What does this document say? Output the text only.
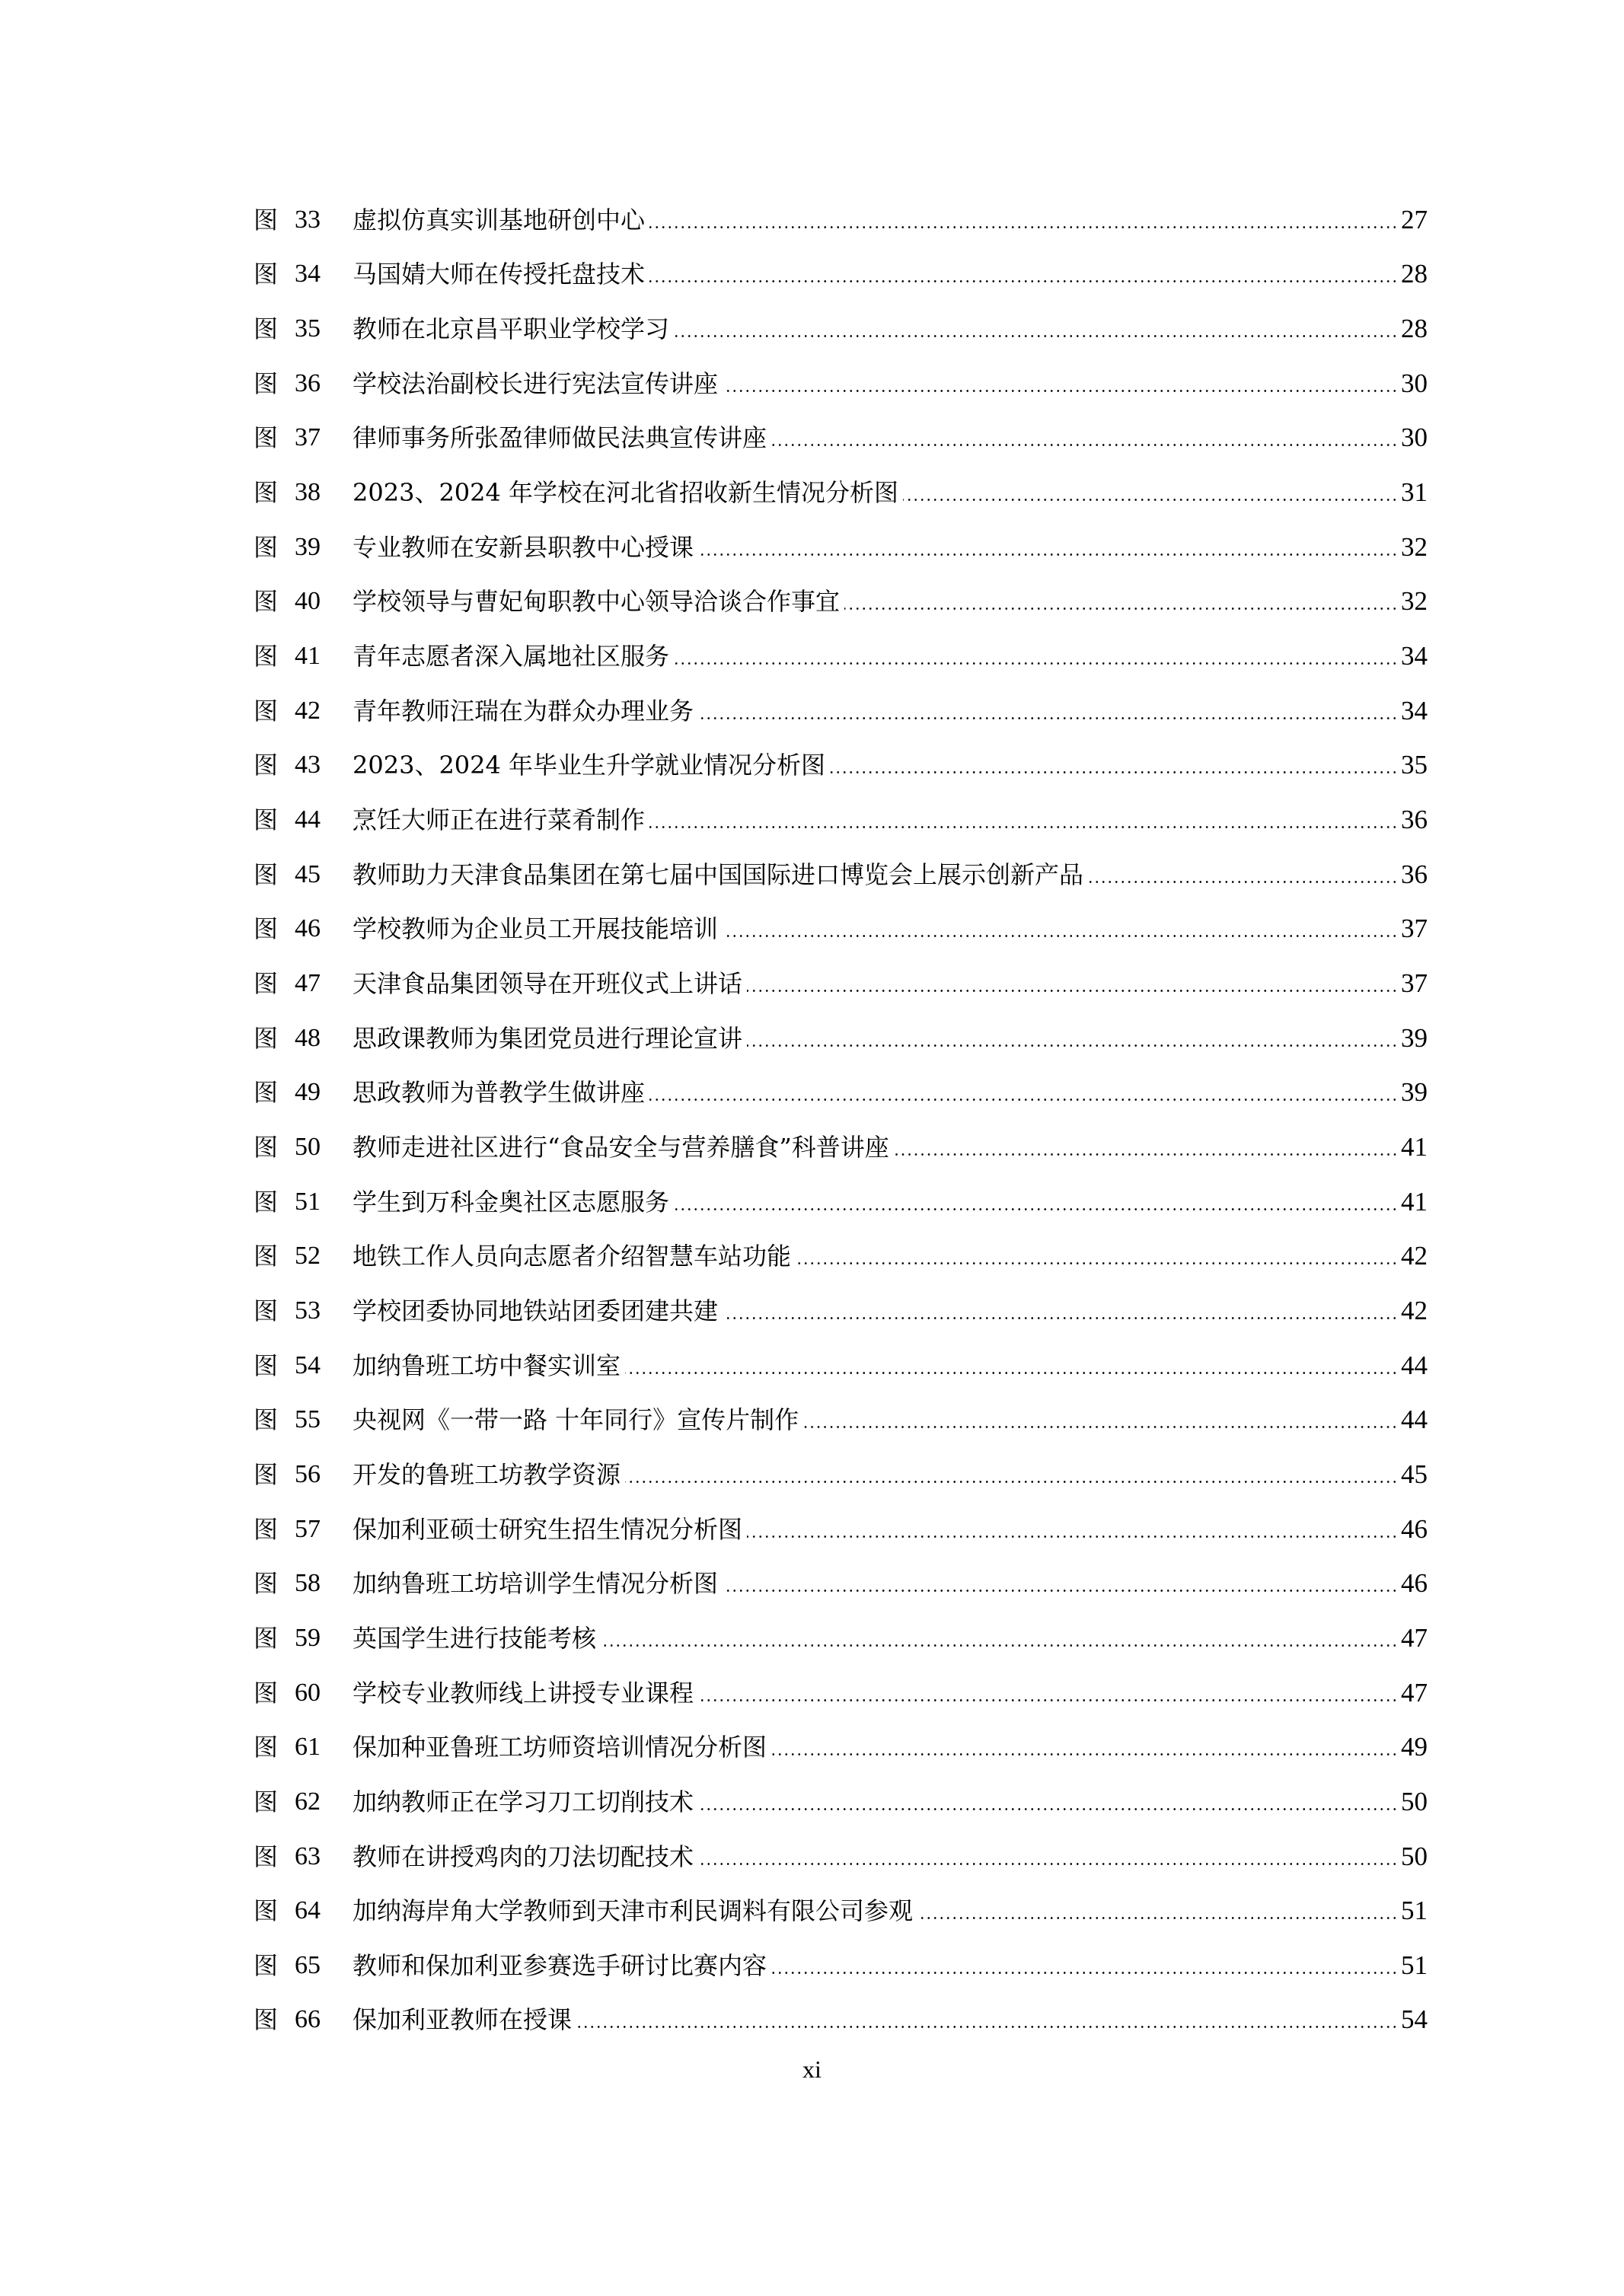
图 33	虚拟仿真实训基地研创中心	27
图 34	马国婧大师在传授托盘技术	28
图 35	教师在北京昌平职业学校学习	28
图 36	学校法治副校长进行宪法宣传讲座	30
图 37	律师事务所张盈律师做民法典宣传讲座	30
图 38	2023、2024 年学校在河北省招收新生情况分析图	31
图 39	专业教师在安新县职教中心授课	32
图 40	学校领导与曹妃甸职教中心领导洽谈合作事宜	32
图 41	青年志愿者深入属地社区服务	34
图 42	青年教师汪瑞在为群众办理业务	34
图 43	2023、2024 年毕业生升学就业情况分析图	35
图 44	烹饪大师正在进行菜肴制作	36
图 45	教师助力天津食品集团在第七届中国国际进口博览会上展示创新产品	36
图 46	学校教师为企业员工开展技能培训	37
图 47	天津食品集团领导在开班仪式上讲话	37
图 48	思政课教师为集团党员进行理论宣讲	39
图 49	思政教师为普教学生做讲座	39
图 50	教师走进社区进行“食品安全与营养膳食”科普讲座	41
图 51	学生到万科金奥社区志愿服务	41
图 52	地铁工作人员向志愿者介绍智慧车站功能	42
图 53	学校团委协同地铁站团委团建共建	42
图 54	加纳鲁班工坊中餐实训室	44
图 55	央视网《一带一路 十年同行》宣传片制作	44
图 56	开发的鲁班工坊教学资源	45
图 57	保加利亚硕士研究生招生情况分析图	46
图 58	加纳鲁班工坊培训学生情况分析图	46
图 59	英国学生进行技能考核	47
图 60	学校专业教师线上讲授专业课程	47
图 61	保加种亚鲁班工坊师资培训情况分析图	49
图 62	加纳教师正在学习刀工切削技术	50
图 63	教师在讲授鸡肉的刀法切配技术	50
图 64	加纳海岸角大学教师到天津市利民调料有限公司参观	51
图 65	教师和保加利亚参赛选手研讨比赛内容	51
图 66	保加利亚教师在授课	54
xi
